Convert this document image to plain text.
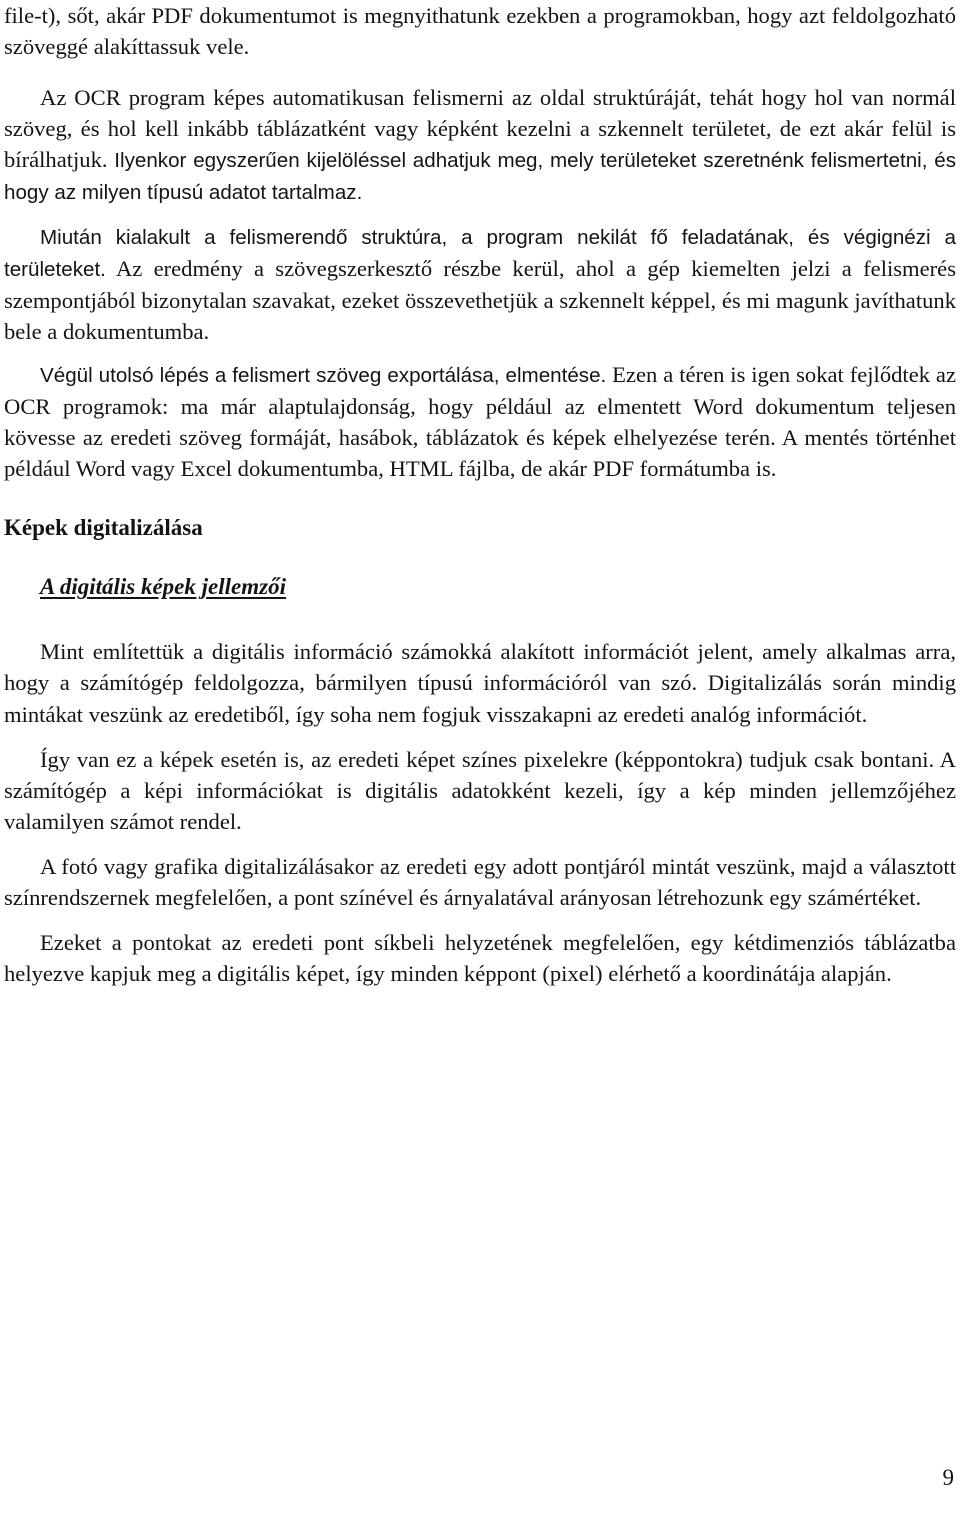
file-t), sőt, akár PDF dokumentumot is megnyithatunk ezekben a programokban, hogy azt feldolgozható szöveggé alakíttassuk vele.

Az OCR program képes automatikusan felismerni az oldal struktúráját, tehát hogy hol van normál szöveg, és hol kell inkább táblázatként vagy képként kezelni a szkennelt területet, de ezt akár felül is bírálhatjuk. Ilyenkor egyszerűen kijelöléssel adhatjuk meg, mely területeket szeretnénk felismertetni, és hogy az milyen típusú adatot tartalmaz.

Miután kialakult a felismerendő struktúra, a program nekilát fő feladatának, és végignézi a területeket. Az eredmény a szövegszerkesztő részbe kerül, ahol a gép kiemelten jelzi a felismerés szempontjából bizonytalan szavakat, ezeket összevethetjük a szkennelt képpel, és mi magunk javíthatunk bele a dokumentumba.

Végül utolsó lépés a felismert szöveg exportálása, elmentése. Ezen a téren is igen sokat fejlődtek az OCR programok: ma már alaptulajdonság, hogy például az elmentett Word dokumentum teljesen kövesse az eredeti szöveg formáját, hasábok, táblázatok és képek elhelyezése terén. A mentés történhet például Word vagy Excel dokumentumba, HTML fájlba, de akár PDF formátumba is.

Képek digitalizálása
A digitális képek jellemzői

Mint említettük a digitális információ számokká alakított információt jelent, amely alkalmas arra, hogy a számítógép feldolgozza, bármilyen típusú információról van szó. Digitalizálás során mindig mintákat veszünk az eredetiből, így soha nem fogjuk visszakapni az eredeti analóg információt.

Így van ez a képek esetén is, az eredeti képet színes pixelekre (képpontokra) tudjuk csak bontani. A számítógép a képi információkat is digitális adatokként kezeli, így a kép minden jellemzőjéhez valamilyen számot rendel.

A fotó vagy grafika digitalizálásakor az eredeti egy adott pontjáról mintát veszünk, majd a választott színrendszernek megfelelően, a pont színével és árnyalatával arányosan létrehozunk egy számértéket.

Ezeket a pontokat az eredeti pont síkbeli helyzetének megfelelően, egy kétdimenziós táblázatba helyezve kapjuk meg a digitális képet, így minden képpont (pixel) elérhető a koordinátája alapján.

9
